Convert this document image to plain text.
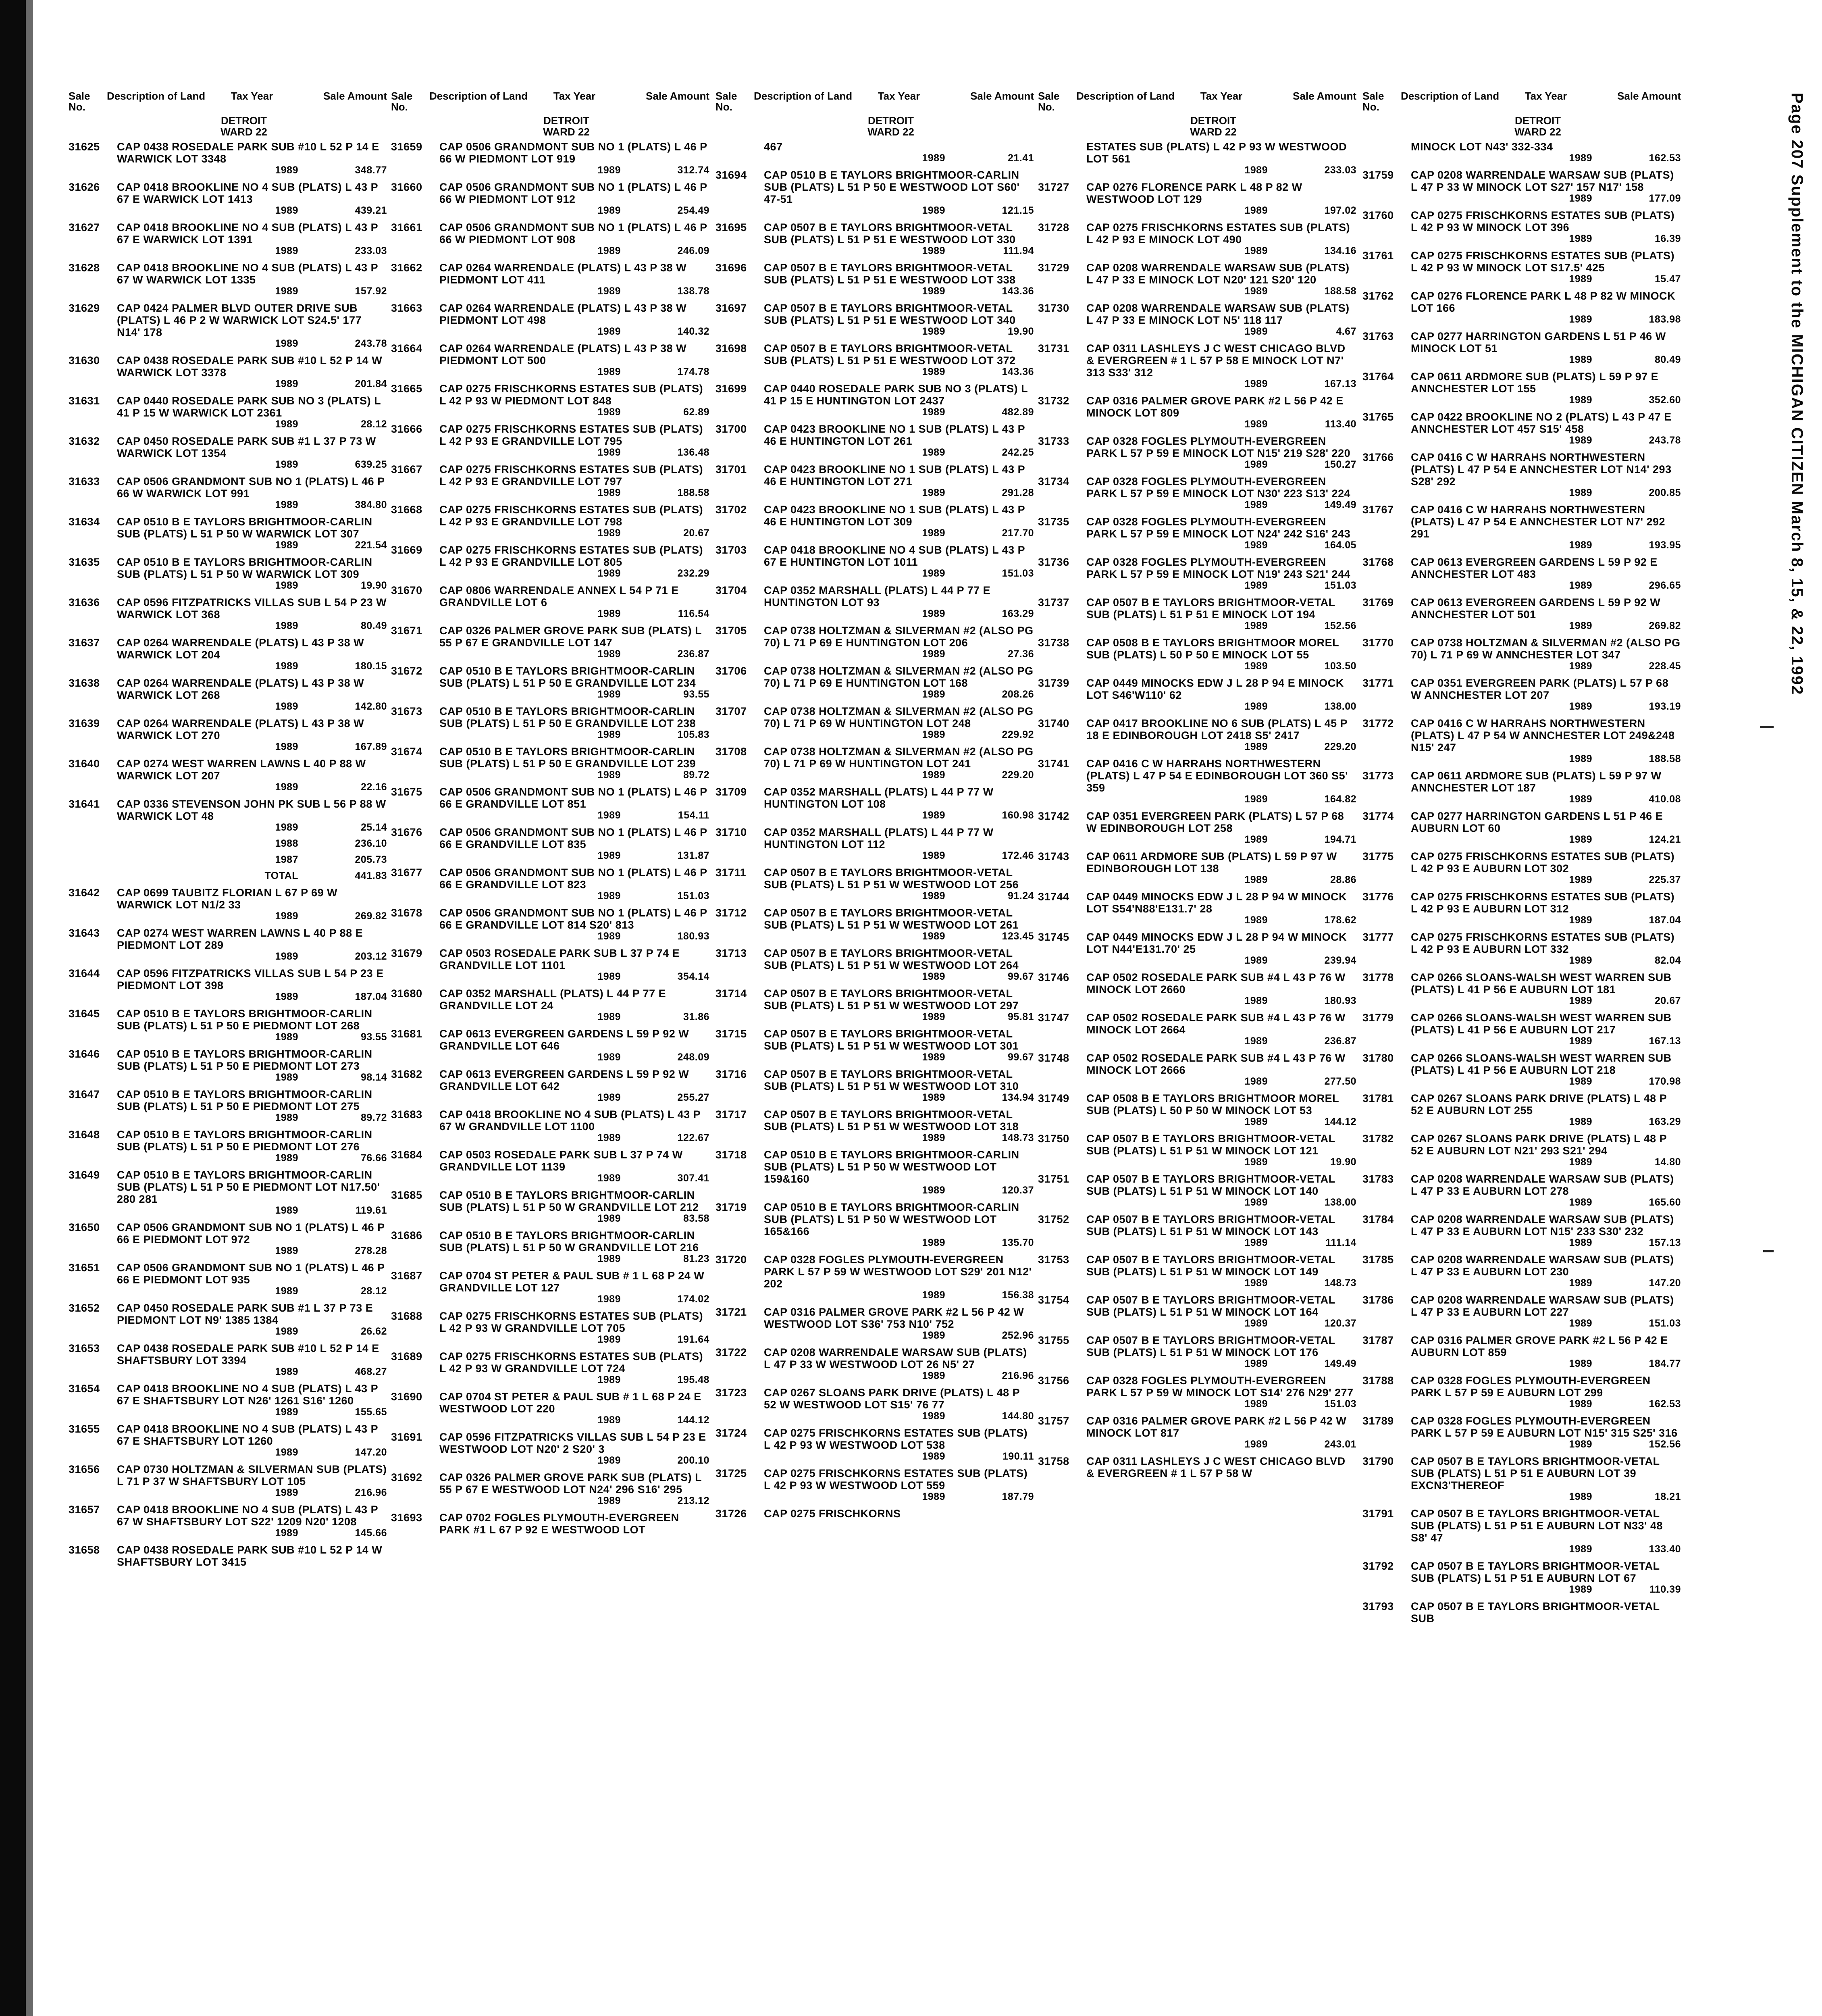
Sale No.
Description of Land	Tax Year	Sale Amount
DETROIT
WARD 22
31625	CAP 0438 ROSEDALE PARK SUB #10 L 52 P 14 E WARWICK LOT 3348
1989	348.77
31626	CAP 0418 BROOKLINE NO 4 SUB (PLATS) L 43 P 67 E WARWICK LOT 1413
1989	439.21
31627	CAP 0418 BROOKLINE NO 4 SUB (PLATS) L 43 P 67 E WARWICK LOT 1391
1989	233.03
31628	CAP 0418 BROOKLINE NO 4 SUB (PLATS) L 43 P 67 W WARWICK LOT 1335
1989	157.92
31629	CAP 0424 PALMER BLVD OUTER DRIVE SUB (PLATS) L 46 P 2 W WARWICK LOT S24.5' 177 N14' 178
1989	243.78
31630	CAP 0438 ROSEDALE PARK SUB #10 L 52 P 14 W WARWICK LOT 3378
1989	201.84
31631	CAP 0440 ROSEDALE PARK SUB NO 3 (PLATS) L 41 P 15 W WARWICK LOT 2361
1989	28.12
31632	CAP 0450 ROSEDALE PARK SUB #1 L 37 P 73 W WARWICK LOT 1354
1989	639.25
31633	CAP 0506 GRANDMONT SUB NO 1 (PLATS) L 46 P 66 W WARWICK LOT 991
1989	384.80
31634	CAP 0510 B E TAYLORS BRIGHTMOOR-CARLIN SUB (PLATS) L 51 P 50 W WARWICK LOT 307
1989	221.54
31635	CAP 0510 B E TAYLORS BRIGHTMOOR-CARLIN SUB (PLATS) L 51 P 50 W WARWICK LOT 309
1989	19.90
31636	CAP 0596 FITZPATRICKS VILLAS SUB L 54 P 23 W WARWICK LOT 368
1989	80.49
31637	CAP 0264 WARRENDALE (PLATS) L 43 P 38 W WARWICK LOT 204
1989	180.15
31638	CAP 0264 WARRENDALE (PLATS) L 43 P 38 W WARWICK LOT 268
1989	142.80
31639	CAP 0264 WARRENDALE (PLATS) L 43 P 38 W WARWICK LOT 270
1989	167.89
31640	CAP 0274 WEST WARREN LAWNS L 40 P 88 W WARWICK LOT 207
1989	22.16
31641	CAP 0336 STEVENSON JOHN PK SUB L 56 P 88 W WARWICK LOT 48
1989	25.14
1988	236.10
1987	205.73
TOTAL	441.83
31642	CAP 0699 TAUBITZ FLORIAN L 67 P 69 W WARWICK LOT N1/2 33
1989	269.82
31643	CAP 0274 WEST WARREN LAWNS L 40 P 88 E PIEDMONT LOT 289
1989	203.12
31644	CAP 0596 FITZPATRICKS VILLAS SUB L 54 P 23 E PIEDMONT LOT 398
1989	187.04
31645	CAP 0510 B E TAYLORS BRIGHTMOOR-CARLIN SUB (PLATS) L 51 P 50 E PIEDMONT LOT 268
1989	93.55
31646	CAP 0510 B E TAYLORS BRIGHTMOOR-CARLIN SUB (PLATS) L 51 P 50 E PIEDMONT LOT 273
1989	98.14
31647	CAP 0510 B E TAYLORS BRIGHTMOOR-CARLIN SUB (PLATS) L 51 P 50 E PIEDMONT LOT 275
1989	89.72
31648	CAP 0510 B E TAYLORS BRIGHTMOOR-CARLIN SUB (PLATS) L 51 P 50 E PIEDMONT LOT 276
1989	76.66
31649	CAP 0510 B E TAYLORS BRIGHTMOOR-CARLIN SUB (PLATS) L 51 P 50 E PIEDMONT LOT N17.50' 280 281
1989	119.61
31650	CAP 0506 GRANDMONT SUB NO 1 (PLATS) L 46 P 66 E PIEDMONT LOT 972
1989	278.28
31651	CAP 0506 GRANDMONT SUB NO 1 (PLATS) L 46 P 66 E PIEDMONT LOT 935
1989	28.12
31652	CAP 0450 ROSEDALE PARK SUB #1 L 37 P 73 E PIEDMONT LOT N9' 1385 1384
1989	26.62
31653	CAP 0438 ROSEDALE PARK SUB #10 L 52 P 14 E SHAFTSBURY LOT 3394
1989	468.27
31654	CAP 0418 BROOKLINE NO 4 SUB (PLATS) L 43 P 67 E SHAFTSBURY LOT N26' 1261 S16' 1260
1989	155.65
31655	CAP 0418 BROOKLINE NO 4 SUB (PLATS) L 43 P 67 E SHAFTSBURY LOT 1260
1989	147.20
31656	CAP 0730 HOLTZMAN & SILVERMAN SUB (PLATS) L 71 P 37 W SHAFTSBURY LOT 105
1989	216.96
31657	CAP 0418 BROOKLINE NO 4 SUB (PLATS) L 43 P 67 W SHAFTSBURY LOT S22' 1209 N20' 1208
1989	145.66
31658	CAP 0438 ROSEDALE PARK SUB #10 L 52 P 14 W SHAFTSBURY LOT 3415
Sale No.
Description of Land	Tax Year	Sale Amount
DETROIT
WARD 22
31659	CAP 0506 GRANDMONT SUB NO 1 (PLATS) L 46 P 66 W PIEDMONT LOT 919
1989	312.74
31660	CAP 0506 GRANDMONT SUB NO 1 (PLATS) L 46 P 66 W PIEDMONT LOT 912
1989	254.49
31661	CAP 0506 GRANDMONT SUB NO 1 (PLATS) L 46 P 66 W PIEDMONT LOT 908
1989	246.09
31662	CAP 0264 WARRENDALE (PLATS) L 43 P 38 W PIEDMONT LOT 411
1989	138.78
31663	CAP 0264 WARRENDALE (PLATS) L 43 P 38 W PIEDMONT LOT 498
1989	140.32
31664	CAP 0264 WARRENDALE (PLATS) L 43 P 38 W PIEDMONT LOT 500
1989	174.78
31665	CAP 0275 FRISCHKORNS ESTATES SUB (PLATS) L 42 P 93 W PIEDMONT LOT 848
1989	62.89
31666	CAP 0275 FRISCHKORNS ESTATES SUB (PLATS) L 42 P 93 E GRANDVILLE LOT 795
1989	136.48
31667	CAP 0275 FRISCHKORNS ESTATES SUB (PLATS) L 42 P 93 E GRANDVILLE LOT 797
1989	188.58
31668	CAP 0275 FRISCHKORNS ESTATES SUB (PLATS) L 42 P 93 E GRANDVILLE LOT 798
1989	20.67
31669	CAP 0275 FRISCHKORNS ESTATES SUB (PLATS) L 42 P 93 E GRANDVILLE LOT 805
1989	232.29
31670	CAP 0806 WARRENDALE ANNEX L 54 P 71 E GRANDVILLE LOT 6
1989	116.54
31671	CAP 0326 PALMER GROVE PARK SUB (PLATS) L 55 P 67 E GRANDVILLE LOT 147
1989	236.87
31672	CAP 0510 B E TAYLORS BRIGHTMOOR-CARLIN SUB (PLATS) L 51 P 50 E GRANDVILLE LOT 234
1989	93.55
31673	CAP 0510 B E TAYLORS BRIGHTMOOR-CARLIN SUB (PLATS) L 51 P 50 E GRANDVILLE LOT 238
1989	105.83
31674	CAP 0510 B E TAYLORS BRIGHTMOOR-CARLIN SUB (PLATS) L 51 P 50 E GRANDVILLE LOT 239
1989	89.72
31675	CAP 0506 GRANDMONT SUB NO 1 (PLATS) L 46 P 66 E GRANDVILLE LOT 851
1989	154.11
31676	CAP 0506 GRANDMONT SUB NO 1 (PLATS) L 46 P 66 E GRANDVILLE LOT 835
1989	131.87
31677	CAP 0506 GRANDMONT SUB NO 1 (PLATS) L 46 P 66 E GRANDVILLE LOT 823
1989	151.03
31678	CAP 0506 GRANDMONT SUB NO 1 (PLATS) L 46 P 66 E GRANDVILLE LOT 814 S20' 813
1989	180.93
31679	CAP 0503 ROSEDALE PARK SUB L 37 P 74 E GRANDVILLE LOT 1101
1989	354.14
31680	CAP 0352 MARSHALL (PLATS) L 44 P 77 E GRANDVILLE LOT 24
1989	31.86
31681	CAP 0613 EVERGREEN GARDENS L 59 P 92 W GRANDVILLE LOT 646
1989	248.09
31682	CAP 0613 EVERGREEN GARDENS L 59 P 92 W GRANDVILLE LOT 642
1989	255.27
31683	CAP 0418 BROOKLINE NO 4 SUB (PLATS) L 43 P 67 W GRANDVILLE LOT 1100
1989	122.67
31684	CAP 0503 ROSEDALE PARK SUB L 37 P 74 W GRANDVILLE LOT 1139
1989	307.41
31685	CAP 0510 B E TAYLORS BRIGHTMOOR-CARLIN SUB (PLATS) L 51 P 50 W GRANDVILLE LOT 212
1989	83.58
31686	CAP 0510 B E TAYLORS BRIGHTMOOR-CARLIN SUB (PLATS) L 51 P 50 W GRANDVILLE LOT 216
1989	81.23
31687	CAP 0704 ST PETER & PAUL SUB # 1 L 68 P 24 W GRANDVILLE LOT 127
1989	174.02
31688	CAP 0275 FRISCHKORNS ESTATES SUB (PLATS) L 42 P 93 W GRANDVILLE LOT 705
1989	191.64
31689	CAP 0275 FRISCHKORNS ESTATES SUB (PLATS) L 42 P 93 W GRANDVILLE LOT 724
1989	195.48
31690	CAP 0704 ST PETER & PAUL SUB # 1 L 68 P 24 E WESTWOOD LOT 220
1989	144.12
31691	CAP 0596 FITZPATRICKS VILLAS SUB L 54 P 23 E WESTWOOD LOT N20' 2 S20' 3
1989	200.10
31692	CAP 0326 PALMER GROVE PARK SUB (PLATS) L 55 P 67 E WESTWOOD LOT N24' 296 S16' 295
1989	213.12
31693	CAP 0702 FOGLES PLYMOUTH-EVERGREEN PARK #1 L 67 P 92 E WESTWOOD LOT
Sale No.
Description of Land	Tax Year	Sale Amount
DETROIT
WARD 22
467
1989	21.41
31694	CAP 0510 B E TAYLORS BRIGHTMOOR-CARLIN SUB (PLATS) L 51 P 50 E WESTWOOD LOT S60' 47-51
1989	121.15
31695	CAP 0507 B E TAYLORS BRIGHTMOOR-VETAL SUB (PLATS) L 51 P 51 E WESTWOOD LOT 330
1989	111.94
31696	CAP 0507 B E TAYLORS BRIGHTMOOR-VETAL SUB (PLATS) L 51 P 51 E WESTWOOD LOT 338
1989	143.36
31697	CAP 0507 B E TAYLORS BRIGHTMOOR-VETAL SUB (PLATS) L 51 P 51 E WESTWOOD LOT 340
1989	19.90
31698	CAP 0507 B E TAYLORS BRIGHTMOOR-VETAL SUB (PLATS) L 51 P 51 E WESTWOOD LOT 372
1989	143.36
31699	CAP 0440 ROSEDALE PARK SUB NO 3 (PLATS) L 41 P 15 E HUNTINGTON LOT 2437
1989	482.89
31700	CAP 0423 BROOKLINE NO 1 SUB (PLATS) L 43 P 46 E HUNTINGTON LOT 261
1989	242.25
31701	CAP 0423 BROOKLINE NO 1 SUB (PLATS) L 43 P 46 E HUNTINGTON LOT 271
1989	291.28
31702	CAP 0423 BROOKLINE NO 1 SUB (PLATS) L 43 P 46 E HUNTINGTON LOT 309
1989	217.70
31703	CAP 0418 BROOKLINE NO 4 SUB (PLATS) L 43 P 67 E HUNTINGTON LOT 1011
1989	151.03
31704	CAP 0352 MARSHALL (PLATS) L 44 P 77 E HUNTINGTON LOT 93
1989	163.29
31705	CAP 0738 HOLTZMAN & SILVERMAN #2 (ALSO PG 70) L 71 P 69 E HUNTINGTON LOT 206
1989	27.36
31706	CAP 0738 HOLTZMAN & SILVERMAN #2 (ALSO PG 70) L 71 P 69 E HUNTINGTON LOT 168
1989	208.26
31707	CAP 0738 HOLTZMAN & SILVERMAN #2 (ALSO PG 70) L 71 P 69 W HUNTINGTON LOT 248
1989	229.92
31708	CAP 0738 HOLTZMAN & SILVERMAN #2 (ALSO PG 70) L 71 P 69 W HUNTINGTON LOT 241
1989	229.20
31709	CAP 0352 MARSHALL (PLATS) L 44 P 77 W HUNTINGTON LOT 108
1989	160.98
31710	CAP 0352 MARSHALL (PLATS) L 44 P 77 W HUNTINGTON LOT 112
1989	172.46
31711	CAP 0507 B E TAYLORS BRIGHTMOOR-VETAL SUB (PLATS) L 51 P 51 W WESTWOOD LOT 256
1989	91.24
31712	CAP 0507 B E TAYLORS BRIGHTMOOR-VETAL SUB (PLATS) L 51 P 51 W WESTWOOD LOT 261
1989	123.45
31713	CAP 0507 B E TAYLORS BRIGHTMOOR-VETAL SUB (PLATS) L 51 P 51 W WESTWOOD LOT 264
1989	99.67
31714	CAP 0507 B E TAYLORS BRIGHTMOOR-VETAL SUB (PLATS) L 51 P 51 W WESTWOOD LOT 297
1989	95.81
31715	CAP 0507 B E TAYLORS BRIGHTMOOR-VETAL SUB (PLATS) L 51 P 51 W WESTWOOD LOT 301
1989	99.67
31716	CAP 0507 B E TAYLORS BRIGHTMOOR-VETAL SUB (PLATS) L 51 P 51 W WESTWOOD LOT 310
1989	134.94
31717	CAP 0507 B E TAYLORS BRIGHTMOOR-VETAL SUB (PLATS) L 51 P 51 W WESTWOOD LOT 318
1989	148.73
31718	CAP 0510 B E TAYLORS BRIGHTMOOR-CARLIN SUB (PLATS) L 51 P 50 W WESTWOOD LOT 159&160
1989	120.37
31719	CAP 0510 B E TAYLORS BRIGHTMOOR-CARLIN SUB (PLATS) L 51 P 50 W WESTWOOD LOT 165&166
1989	135.70
31720	CAP 0328 FOGLES PLYMOUTH-EVERGREEN PARK L 57 P 59 W WESTWOOD LOT S29' 201 N12' 202
1989	156.38
31721	CAP 0316 PALMER GROVE PARK #2 L 56 P 42 W WESTWOOD LOT S36' 753 N10' 752
1989	252.96
31722	CAP 0208 WARRENDALE WARSAW SUB (PLATS) L 47 P 33 W WESTWOOD LOT 26 N5' 27
1989	216.96
31723	CAP 0267 SLOANS PARK DRIVE (PLATS) L 48 P 52 W WESTWOOD LOT S15' 76 77
1989	144.80
31724	CAP 0275 FRISCHKORNS ESTATES SUB (PLATS) L 42 P 93 W WESTWOOD LOT 538
1989	190.11
31725	CAP 0275 FRISCHKORNS ESTATES SUB (PLATS) L 42 P 93 W WESTWOOD LOT 559
1989	187.79
31726	CAP 0275 FRISCHKORNS
Sale No.
Description of Land	Tax Year	Sale Amount
DETROIT
WARD 22
ESTATES SUB (PLATS) L 42 P 93 W WESTWOOD LOT 561
1989	233.03
31727	CAP 0276 FLORENCE PARK L 48 P 82 W WESTWOOD LOT 129
1989	197.02
31728	CAP 0275 FRISCHKORNS ESTATES SUB (PLATS) L 42 P 93 E MINOCK LOT 490
1989	134.16
31729	CAP 0208 WARRENDALE WARSAW SUB (PLATS) L 47 P 33 E MINOCK LOT N20' 121 S20' 120
1989	188.58
31730	CAP 0208 WARRENDALE WARSAW SUB (PLATS) L 47 P 33 E MINOCK LOT N5' 118 117
1989	4.67
31731	CAP 0311 LASHLEYS J C WEST CHICAGO BLVD & EVERGREEN # 1 L 57 P 58 E MINOCK LOT N7' 313 S33' 312
1989	167.13
31732	CAP 0316 PALMER GROVE PARK #2 L 56 P 42 E MINOCK LOT 809
1989	113.40
31733	CAP 0328 FOGLES PLYMOUTH-EVERGREEN PARK L 57 P 59 E MINOCK LOT N15' 219 S28' 220
1989	150.27
31734	CAP 0328 FOGLES PLYMOUTH-EVERGREEN PARK L 57 P 59 E MINOCK LOT N30' 223 S13' 224
1989	149.49
31735	CAP 0328 FOGLES PLYMOUTH-EVERGREEN PARK L 57 P 59 E MINOCK LOT N24' 242 S16' 243
1989	164.05
31736	CAP 0328 FOGLES PLYMOUTH-EVERGREEN PARK L 57 P 59 E MINOCK LOT N19' 243 S21' 244
1989	151.03
31737	CAP 0507 B E TAYLORS BRIGHTMOOR-VETAL SUB (PLATS) L 51 P 51 E MINOCK LOT 194
1989	152.56
31738	CAP 0508 B E TAYLORS BRIGHTMOOR MOREL SUB (PLATS) L 50 P 50 E MINOCK LOT 55
1989	103.50
31739	CAP 0449 MINOCKS EDW J L 28 P 94 E MINOCK LOT S46'W110' 62
1989	138.00
31740	CAP 0417 BROOKLINE NO 6 SUB (PLATS) L 45 P 18 E EDINBOROUGH LOT 2418 S5' 2417
1989	229.20
31741	CAP 0416 C W HARRAHS NORTHWESTERN (PLATS) L 47 P 54 E EDINBOROUGH LOT 360 S5' 359
1989	164.82
31742	CAP 0351 EVERGREEN PARK (PLATS) L 57 P 68 W EDINBOROUGH LOT 258
1989	194.71
31743	CAP 0611 ARDMORE SUB (PLATS) L 59 P 97 W EDINBOROUGH LOT 138
1989	28.86
31744	CAP 0449 MINOCKS EDW J L 28 P 94 W MINOCK LOT S54'N88'E131.7' 28
1989	178.62
31745	CAP 0449 MINOCKS EDW J L 28 P 94 W MINOCK LOT N44'E131.70' 25
1989	239.94
31746	CAP 0502 ROSEDALE PARK SUB #4 L 43 P 76 W MINOCK LOT 2660
1989	180.93
31747	CAP 0502 ROSEDALE PARK SUB #4 L 43 P 76 W MINOCK LOT 2664
1989	236.87
31748	CAP 0502 ROSEDALE PARK SUB #4 L 43 P 76 W MINOCK LOT 2666
1989	277.50
31749	CAP 0508 B E TAYLORS BRIGHTMOOR MOREL SUB (PLATS) L 50 P 50 W MINOCK LOT 53
1989	144.12
31750	CAP 0507 B E TAYLORS BRIGHTMOOR-VETAL SUB (PLATS) L 51 P 51 W MINOCK LOT 121
1989	19.90
31751	CAP 0507 B E TAYLORS BRIGHTMOOR-VETAL SUB (PLATS) L 51 P 51 W MINOCK LOT 140
1989	138.00
31752	CAP 0507 B E TAYLORS BRIGHTMOOR-VETAL SUB (PLATS) L 51 P 51 W MINOCK LOT 143
1989	111.14
31753	CAP 0507 B E TAYLORS BRIGHTMOOR-VETAL SUB (PLATS) L 51 P 51 W MINOCK LOT 149
1989	148.73
31754	CAP 0507 B E TAYLORS BRIGHTMOOR-VETAL SUB (PLATS) L 51 P 51 W MINOCK LOT 164
1989	120.37
31755	CAP 0507 B E TAYLORS BRIGHTMOOR-VETAL SUB (PLATS) L 51 P 51 W MINOCK LOT 176
1989	149.49
31756	CAP 0328 FOGLES PLYMOUTH-EVERGREEN PARK L 57 P 59 W MINOCK LOT S14' 276 N29' 277
1989	151.03
31757	CAP 0316 PALMER GROVE PARK #2 L 56 P 42 W MINOCK LOT 817
1989	243.01
31758	CAP 0311 LASHLEYS J C WEST CHICAGO BLVD & EVERGREEN # 1 L 57 P 58 W
Sale No.
Description of Land	Tax Year	Sale Amount
DETROIT
WARD 22
MINOCK LOT N43' 332-334
1989	162.53
31759	CAP 0208 WARRENDALE WARSAW SUB (PLATS) L 47 P 33 W MINOCK LOT S27' 157 N17' 158
1989	177.09
31760	CAP 0275 FRISCHKORNS ESTATES SUB (PLATS) L 42 P 93 W MINOCK LOT 396
1989	16.39
31761	CAP 0275 FRISCHKORNS ESTATES SUB (PLATS) L 42 P 93 W MINOCK LOT S17.5' 425
1989	15.47
31762	CAP 0276 FLORENCE PARK L 48 P 82 W MINOCK LOT 166
1989	183.98
31763	CAP 0277 HARRINGTON GARDENS L 51 P 46 W MINOCK LOT 51
1989	80.49
31764	CAP 0611 ARDMORE SUB (PLATS) L 59 P 97 E ANNCHESTER LOT 155
1989	352.60
31765	CAP 0422 BROOKLINE NO 2 (PLATS) L 43 P 47 E ANNCHESTER LOT 457 S15' 458
1989	243.78
31766	CAP 0416 C W HARRAHS NORTHWESTERN (PLATS) L 47 P 54 E ANNCHESTER LOT N14' 293 S28' 292
1989	200.85
31767	CAP 0416 C W HARRAHS NORTHWESTERN (PLATS) L 47 P 54 E ANNCHESTER LOT N7' 292 291
1989	193.95
31768	CAP 0613 EVERGREEN GARDENS L 59 P 92 E ANNCHESTER LOT 483
1989	296.65
31769	CAP 0613 EVERGREEN GARDENS L 59 P 92 W ANNCHESTER LOT 501
1989	269.82
31770	CAP 0738 HOLTZMAN & SILVERMAN #2 (ALSO PG 70) L 71 P 69 W ANNCHESTER LOT 347
1989	228.45
31771	CAP 0351 EVERGREEN PARK (PLATS) L 57 P 68 W ANNCHESTER LOT 207
1989	193.19
31772	CAP 0416 C W HARRAHS NORTHWESTERN (PLATS) L 47 P 54 W ANNCHESTER LOT 249&248 N15' 247
1989	188.58
31773	CAP 0611 ARDMORE SUB (PLATS) L 59 P 97 W ANNCHESTER LOT 187
1989	410.08
31774	CAP 0277 HARRINGTON GARDENS L 51 P 46 E AUBURN LOT 60
1989	124.21
31775	CAP 0275 FRISCHKORNS ESTATES SUB (PLATS) L 42 P 93 E AUBURN LOT 302
1989	225.37
31776	CAP 0275 FRISCHKORNS ESTATES SUB (PLATS) L 42 P 93 E AUBURN LOT 312
1989	187.04
31777	CAP 0275 FRISCHKORNS ESTATES SUB (PLATS) L 42 P 93 E AUBURN LOT 332
1989	82.04
31778	CAP 0266 SLOANS-WALSH WEST WARREN SUB (PLATS) L 41 P 56 E AUBURN LOT 181
1989	20.67
31779	CAP 0266 SLOANS-WALSH WEST WARREN SUB (PLATS) L 41 P 56 E AUBURN LOT 217
1989	167.13
31780	CAP 0266 SLOANS-WALSH WEST WARREN SUB (PLATS) L 41 P 56 E AUBURN LOT 218
1989	170.98
31781	CAP 0267 SLOANS PARK DRIVE (PLATS) L 48 P 52 E AUBURN LOT 255
1989	163.29
31782	CAP 0267 SLOANS PARK DRIVE (PLATS) L 48 P 52 E AUBURN LOT N21' 293 S21' 294
1989	14.80
31783	CAP 0208 WARRENDALE WARSAW SUB (PLATS) L 47 P 33 E AUBURN LOT 278
1989	165.60
31784	CAP 0208 WARRENDALE WARSAW SUB (PLATS) L 47 P 33 E AUBURN LOT N15' 233 S30' 232
1989	157.13
31785	CAP 0208 WARRENDALE WARSAW SUB (PLATS) L 47 P 33 E AUBURN LOT 230
1989	147.20
31786	CAP 0208 WARRENDALE WARSAW SUB (PLATS) L 47 P 33 E AUBURN LOT 227
1989	151.03
31787	CAP 0316 PALMER GROVE PARK #2 L 56 P 42 E AUBURN LOT 859
1989	184.77
31788	CAP 0328 FOGLES PLYMOUTH-EVERGREEN PARK L 57 P 59 E AUBURN LOT 299
1989	162.53
31789	CAP 0328 FOGLES PLYMOUTH-EVERGREEN PARK L 57 P 59 E AUBURN LOT N15' 315 S25' 316
1989	152.56
31790	CAP 0507 B E TAYLORS BRIGHTMOOR-VETAL SUB (PLATS) L 51 P 51 E AUBURN LOT 39 EXCN3'THEREOF
1989	18.21
31791	CAP 0507 B E TAYLORS BRIGHTMOOR-VETAL SUB (PLATS) L 51 P 51 E AUBURN LOT N33' 48 S8' 47
1989	133.40
31792	CAP 0507 B E TAYLORS BRIGHTMOOR-VETAL SUB (PLATS) L 51 P 51 E AUBURN LOT 67
1989	110.39
31793	CAP 0507 B E TAYLORS BRIGHTMOOR-VETAL SUB
Page 207 Supplement to the MICHIGAN CITIZEN March 8, 15, & 22, 1992
